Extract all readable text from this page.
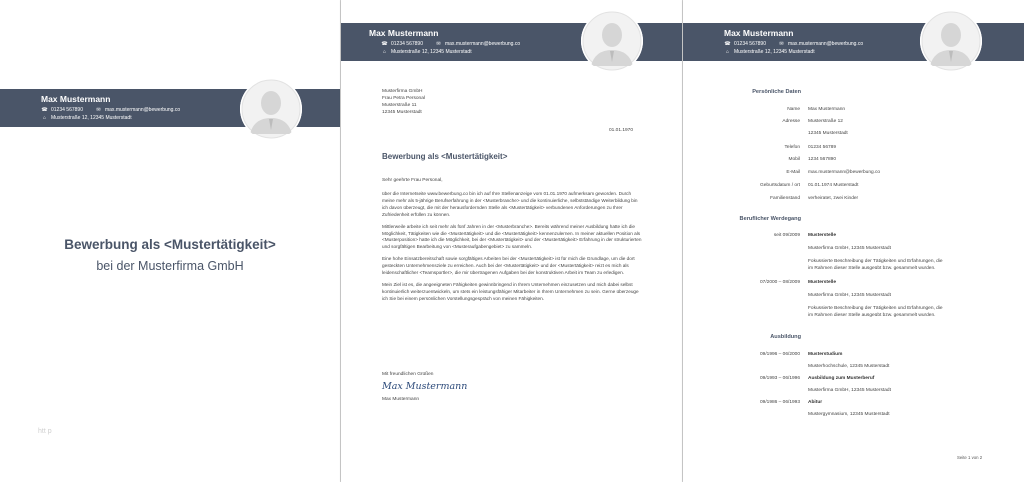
Max Mustermann
☎ 01234 567890	✉ max.mustermann@bewerbung.co
⌂ Musterstraße 12, 12345 Musterstadt
Bewerbung als <Mustertätigkeit>
bei der Musterfirma GmbH
htt p
Max Mustermann
☎ 01234 567890	✉ max.mustermann@bewerbung.co
⌂ Musterstraße 12, 12345 Musterstadt
Musterfirma GmbH
Frau Petra Personal
Musterstraße 11
12345 Musterstadt
01.01.1970
Bewerbung als <Mustertätigkeit>
Sehr geehrte Frau Personal,

über die Internetseite www.bewerbung.co bin ich auf Ihre Stellenanzeige vom 01.01.1970 aufmerksam geworden. Durch meine mehr als 5-jährige Berufserfahrung in der <Musterbranche> und die kontinuierliche, selbstständige Weiterbildung bin ich davon überzeugt, die mit der herausfordernden Stelle als <Mustertätigkeit> verbundenen Anforderungen zu Ihrer Zufriedenheit erfüllen zu können.

Mittlerweile arbeite ich seit mehr als fünf Jahren in der <Musterbranche>. Bereits während meiner Ausbildung hatte ich die Möglichkeit, Tätigkeiten wie die <Mustertätigkeit> und die <Mustertätigkeit> kennenzulernen. In meiner aktuellen Position als <Musterposition> hatte ich die Möglichkeit, bei der <Mustertätigkeit> und der <Mustertätigkeit> Erfahrung in der strukturierten und sorgfältigen Bearbeitung von <Musteraufgabengebiet> zu sammeln.

Eine hohe Einsatzbereitschaft sowie sorgfältiges Arbeiten bei der <Mustertätigkeit> ist für mich die Grundlage, um die dort gesteckten Unternehmensziele zu erreichen. Auch bei der <Mustertätigkeit> und der <Mustertätigkeit> reizt es mich als leidenschaftlicher <Teamsportler>, die mir übertragenen Aufgaben bei der konstruktiven Arbeit im Team zu erledigen.

Mein Ziel ist es, die angeeigneten Fähigkeiten gewinnbringend in Ihrem Unternehmen einzusetzen und mich dabei selbst kontinuierlich weiterzuentwickeln, um stets ein leistungsfähiger Mitarbeiter in Ihrem Unternehmen zu sein. Gerne überzeuge ich Sie bei einem persönlichen Vorstellungsgespräch von meinen Fähigkeiten.

Mit freundlichen Grüßen
Max Mustermann
Max Mustermann
Max Mustermann
☎ 01234 567890	✉ max.mustermann@bewerbung.co
⌂ Musterstraße 12, 12345 Musterstadt
Persönliche Daten
Name Max Mustermann
Adresse Musterstraße 12
12345 Musterstadt
Telefon 01234 56789
Mobil 1234 567890
E-Mail max.mustermann@bewerbung.co
Geburtsdatum / ort 01.01.1974 Musterstadt
Familienstand verheiratet, zwei Kinder
Beruflicher Werdegang
seit 09/2009 Musterstelle
Musterfirma GmbH, 12345 Musterstadt
Fokussierte Beschreibung der Tätigkeiten und Erfahrungen, die
im Rahmen dieser Stelle ausgeübt bzw. gesammelt wurden.
07/2000 – 08/2009 Musterstelle
Musterfirma GmbH, 12345 Musterstadt
Fokussierte Beschreibung der Tätigkeiten und Erfahrungen, die
im Rahmen dieser Stelle ausgeübt bzw. gesammelt wurden.
Ausbildung
09/1996 – 06/2000 Musterstudium
Musterhochschule, 12345 Musterstadt
09/1993 – 06/1996 Ausbildung zum Musterberuf
Musterfirma GmbH, 12345 Musterstadt
09/1986 – 06/1993 Abitur
Mustergymnasium, 12345 Musterstadt
Seite 1 von 2
